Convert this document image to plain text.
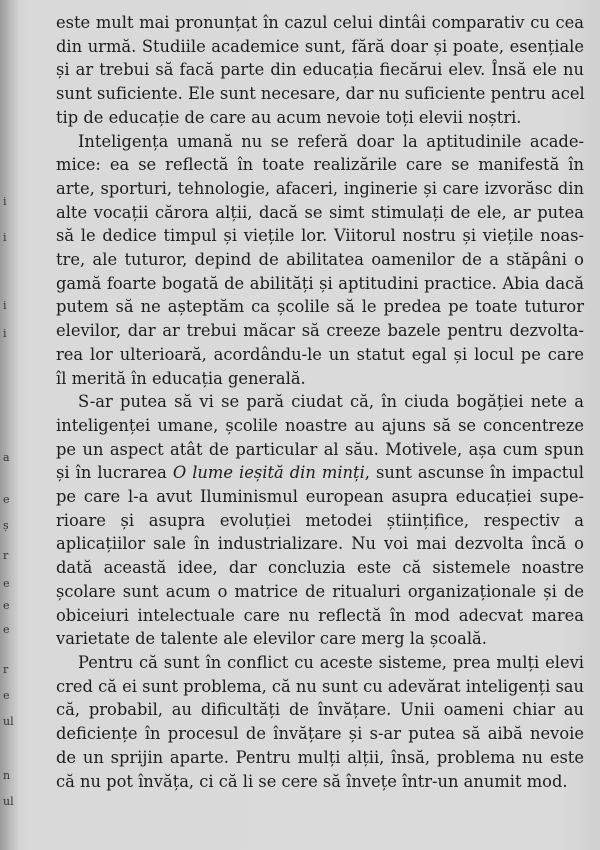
i
i
i
i
a
e
ș
r
e
e
e
r
e
ul
n
ul

este mult mai pronunțat în cazul celui dintâi comparativ cu cea
din urmă. Studiile academice sunt, fără doar și poate, esențiale
și ar trebui să facă parte din educația fiecărui elev. Însă ele nu
sunt suficiente. Ele sunt necesare, dar nu suficiente pentru acel
tip de educație de care au acum nevoie toți elevii noștri.

Inteligența umană nu se referă doar la aptitudinile acade-
mice: ea se reflectă în toate realizările care se manifestă în
arte, sporturi, tehnologie, afaceri, inginerie și care izvorăsc din
alte vocații cărora alții, dacă se simt stimulați de ele, ar putea
să le dedice timpul și viețile lor. Viitorul nostru și viețile noas-
tre, ale tuturor, depind de abilitatea oamenilor de a stăpâni o
gamă foarte bogată de abilități și aptitudini practice. Abia dacă
putem să ne așteptăm ca școlile să le predea pe toate tuturor
elevilor, dar ar trebui măcar să creeze bazele pentru dezvolta-
rea lor ulterioară, acordându-le un statut egal și locul pe care
îl merită în educația generală.

S-ar putea să vi se pară ciudat că, în ciuda bogăției nete a
inteligenței umane, școlile noastre au ajuns să se concentreze
pe un aspect atât de particular al său. Motivele, așa cum spun
și în lucrarea O lume ieșită din minți, sunt ascunse în impactul
pe care l-a avut Iluminismul european asupra educației supe-
rioare și asupra evoluției metodei științifice, respectiv a
aplicațiilor sale în industrializare. Nu voi mai dezvolta încă o
dată această idee, dar concluzia este că sistemele noastre
școlare sunt acum o matrice de ritualuri organizaționale și de
obiceiuri intelectuale care nu reflectă în mod adecvat marea
varietate de talente ale elevilor care merg la școală.

Pentru că sunt în conflict cu aceste sisteme, prea mulți elevi
cred că ei sunt problema, că nu sunt cu adevărat inteligenți sau
că, probabil, au dificultăți de învățare. Unii oameni chiar au
deficiențe în procesul de învățare și s-ar putea să aibă nevoie
de un sprijin aparte. Pentru mulți alții, însă, problema nu este
că nu pot învăța, ci că li se cere să învețe într-un anumit mod.
